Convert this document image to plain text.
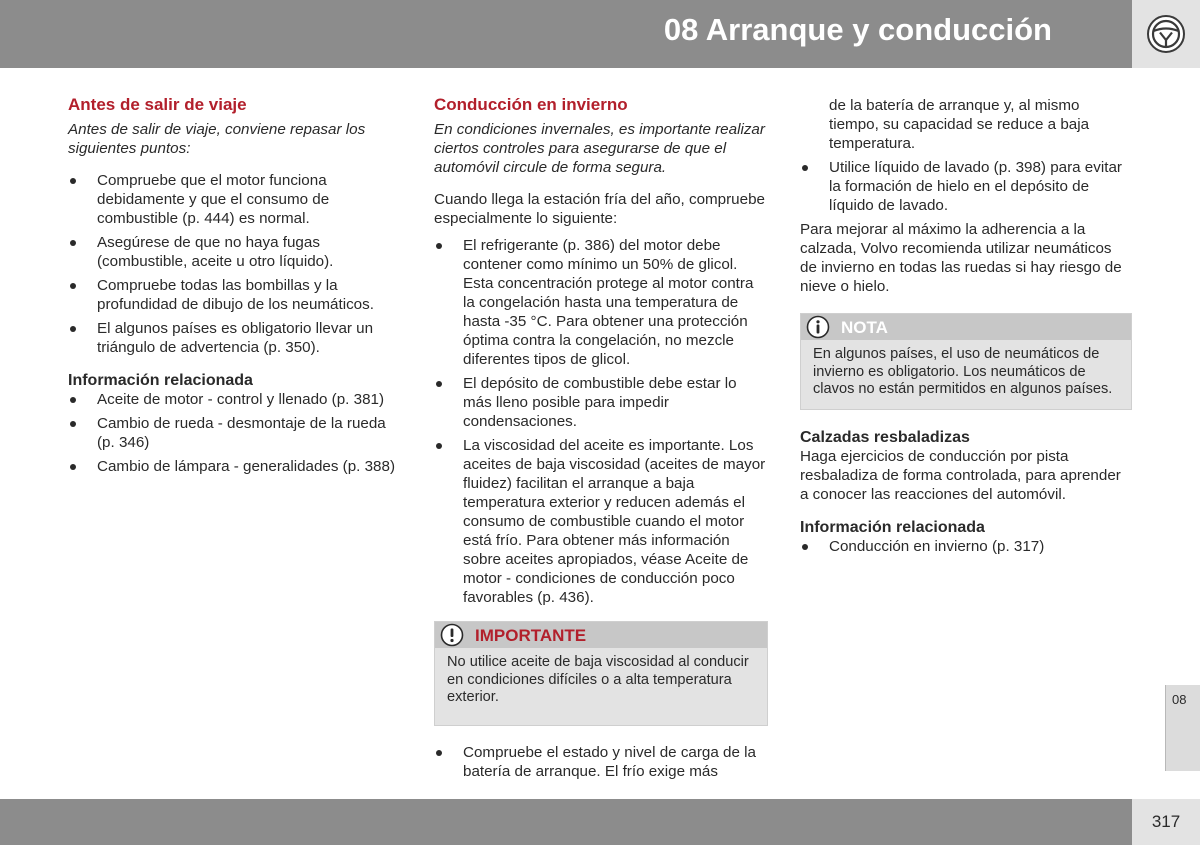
08 Arranque y conducción
Antes de salir de viaje

Antes de salir de viaje, conviene repasar los siguientes puntos:

Compruebe que el motor funciona debidamente y que el consumo de combustible (p. 444) es normal.
Asegúrese de que no haya fugas (combustible, aceite u otro líquido).
Compruebe todas las bombillas y la profundidad de dibujo de los neumáticos.
El algunos países es obligatorio llevar un triángulo de advertencia (p. 350).
Información relacionada
Aceite de motor - control y llenado (p. 381)
Cambio de rueda - desmontaje de la rueda (p. 346)
Cambio de lámpara - generalidades (p. 388)
Conducción en invierno

En condiciones invernales, es importante realizar ciertos controles para asegurarse de que el automóvil circule de forma segura.

Cuando llega la estación fría del año, compruebe especialmente lo siguiente:

El refrigerante (p. 386) del motor debe contener como mínimo un 50% de glicol. Esta concentración protege al motor contra la congelación hasta una temperatura de hasta -35 °C. Para obtener una protección óptima contra la congelación, no mezcle diferentes tipos de glicol.
El depósito de combustible debe estar lo más lleno posible para impedir condensaciones.
La viscosidad del aceite es importante. Los aceites de baja viscosidad (aceites de mayor fluidez) facilitan el arranque a baja temperatura exterior y reducen además el consumo de combustible cuando el motor está frío. Para obtener más información sobre aceites apropiados, véase Aceite de motor - condiciones de conducción poco favorables (p. 436).
IMPORTANTE
No utilice aceite de baja viscosidad al conducir en condiciones difíciles o a alta temperatura exterior.
Compruebe el estado y nivel de carga de la batería de arranque. El frío exige más

de la batería de arranque y, al mismo tiempo, su capacidad se reduce a baja temperatura.

Utilice líquido de lavado (p. 398) para evitar la formación de hielo en el depósito de líquido de lavado.

Para mejorar al máximo la adherencia a la calzada, Volvo recomienda utilizar neumáticos de invierno en todas las ruedas si hay riesgo de nieve o hielo.

NOTA
En algunos países, el uso de neumáticos de invierno es obligatorio. Los neumáticos de clavos no están permitidos en algunos países.
Calzadas resbaladizas

Haga ejercicios de conducción por pista resbaladiza de forma controlada, para aprender a conocer las reacciones del automóvil.

Información relacionada
Conducción en invierno (p. 317)
08
317
